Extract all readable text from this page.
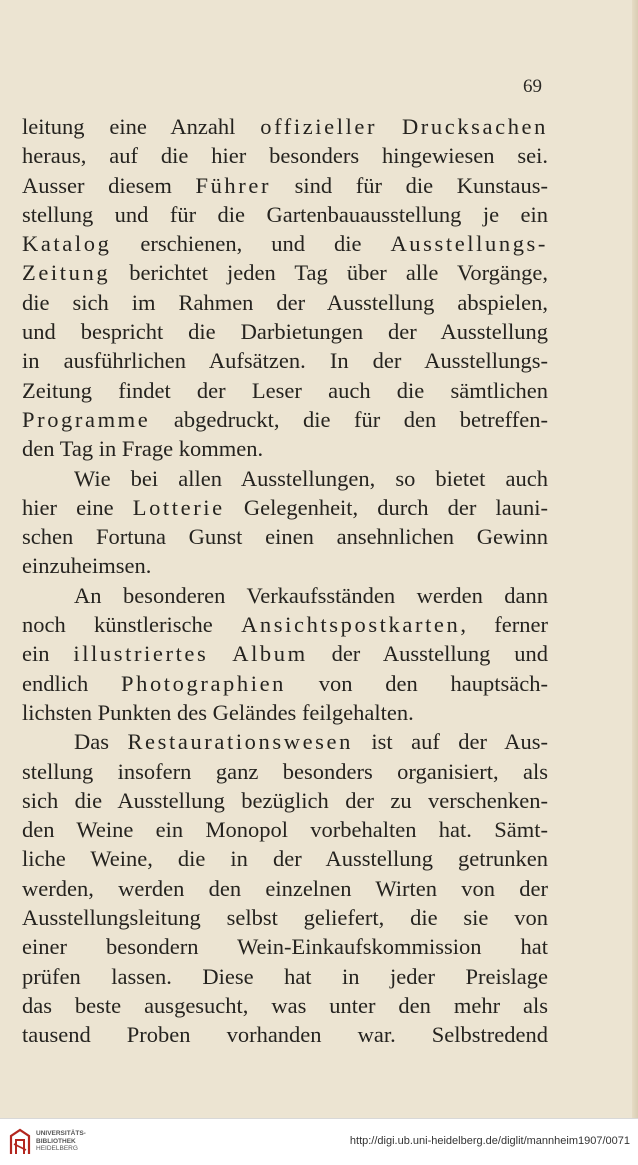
69
leitung eine Anzahl offizieller Drucksachen
heraus, auf die hier besonders hingewiesen sei.
Ausser diesem Führer sind für die Kunstaus-
stellung und für die Gartenbauausstellung je ein
Katalog erschienen, und die Ausstellungs-
Zeitung berichtet jeden Tag über alle Vorgänge,
die sich im Rahmen der Ausstellung abspielen,
und bespricht die Darbietungen der Ausstellung
in ausführlichen Aufsätzen. In der Ausstellungs-
Zeitung findet der Leser auch die sämtlichen
Programme abgedruckt, die für den betreffen-
den Tag in Frage kommen.
Wie bei allen Ausstellungen, so bietet auch
hier eine Lotterie Gelegenheit, durch der launi-
schen Fortuna Gunst einen ansehnlichen Gewinn
einzuheimsen.
An besonderen Verkaufsständen werden dann
noch künstlerische Ansichtspostkarten, ferner
ein illustriertes Album der Ausstellung und
endlich Photographien von den hauptsäch-
lichsten Punkten des Geländes feilgehalten.
Das Restaurationswesen ist auf der Aus-
stellung insofern ganz besonders organisiert, als
sich die Ausstellung bezüglich der zu verschenken-
den Weine ein Monopol vorbehalten hat. Sämt-
liche Weine, die in der Ausstellung getrunken
werden, werden den einzelnen Wirten von der
Ausstellungsleitung selbst geliefert, die sie von
einer besondern Wein-Einkaufskommission hat
prüfen lassen. Diese hat in jeder Preislage
das beste ausgesucht, was unter den mehr als
tausend Proben vorhanden war. Selbstredend
UNIVERSITÄTS-
BIBLIOTHEK
HEIDELBERG
http://digi.ub.uni-heidelberg.de/diglit/mannheim1907/0071
